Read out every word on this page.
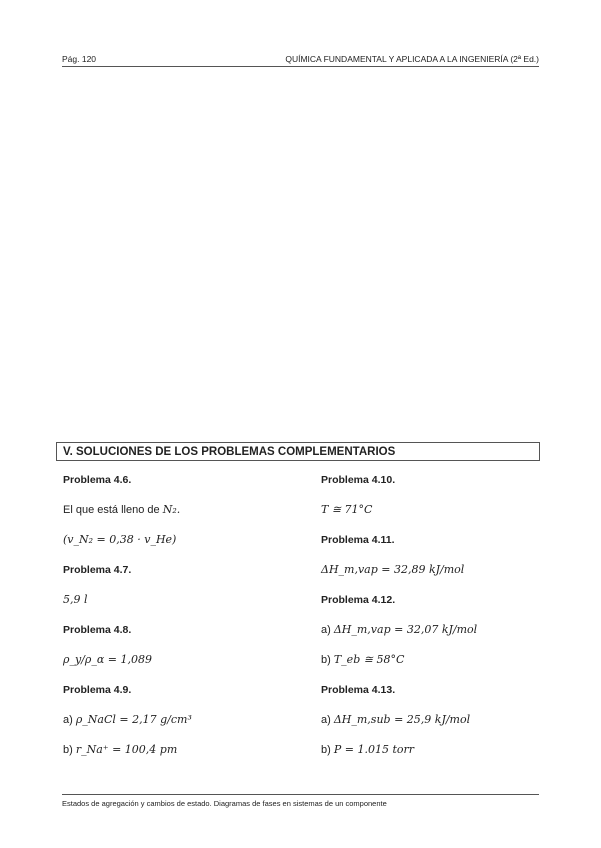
Pág. 120	QUÍMICA FUNDAMENTAL Y APLICADA A LA INGENIERÍA (2ª Ed.)
V. SOLUCIONES DE LOS PROBLEMAS COMPLEMENTARIOS
Problema 4.6.
El que está lleno de N₂.
(v_N₂ = 0,38 · v_He)
Problema 4.7.
5,9 l
Problema 4.8.
ρ_y/ρ_α = 1,089
Problema 4.9.
a) ρ_NaCl = 2,17 g/cm³
b) r_Na⁺ = 100,4 pm
Problema 4.10.
T ≅ 71°C
Problema 4.11.
ΔH_m,vap = 32,89 kJ/mol
Problema 4.12.
a) ΔH_m,vap = 32,07 kJ/mol
b) T_eb ≅ 58°C
Problema 4.13.
a) ΔH_m,sub = 25,9 kJ/mol
b) P = 1.015 torr
Estados de agregación y cambios de estado. Diagramas de fases en sistemas de un componente
